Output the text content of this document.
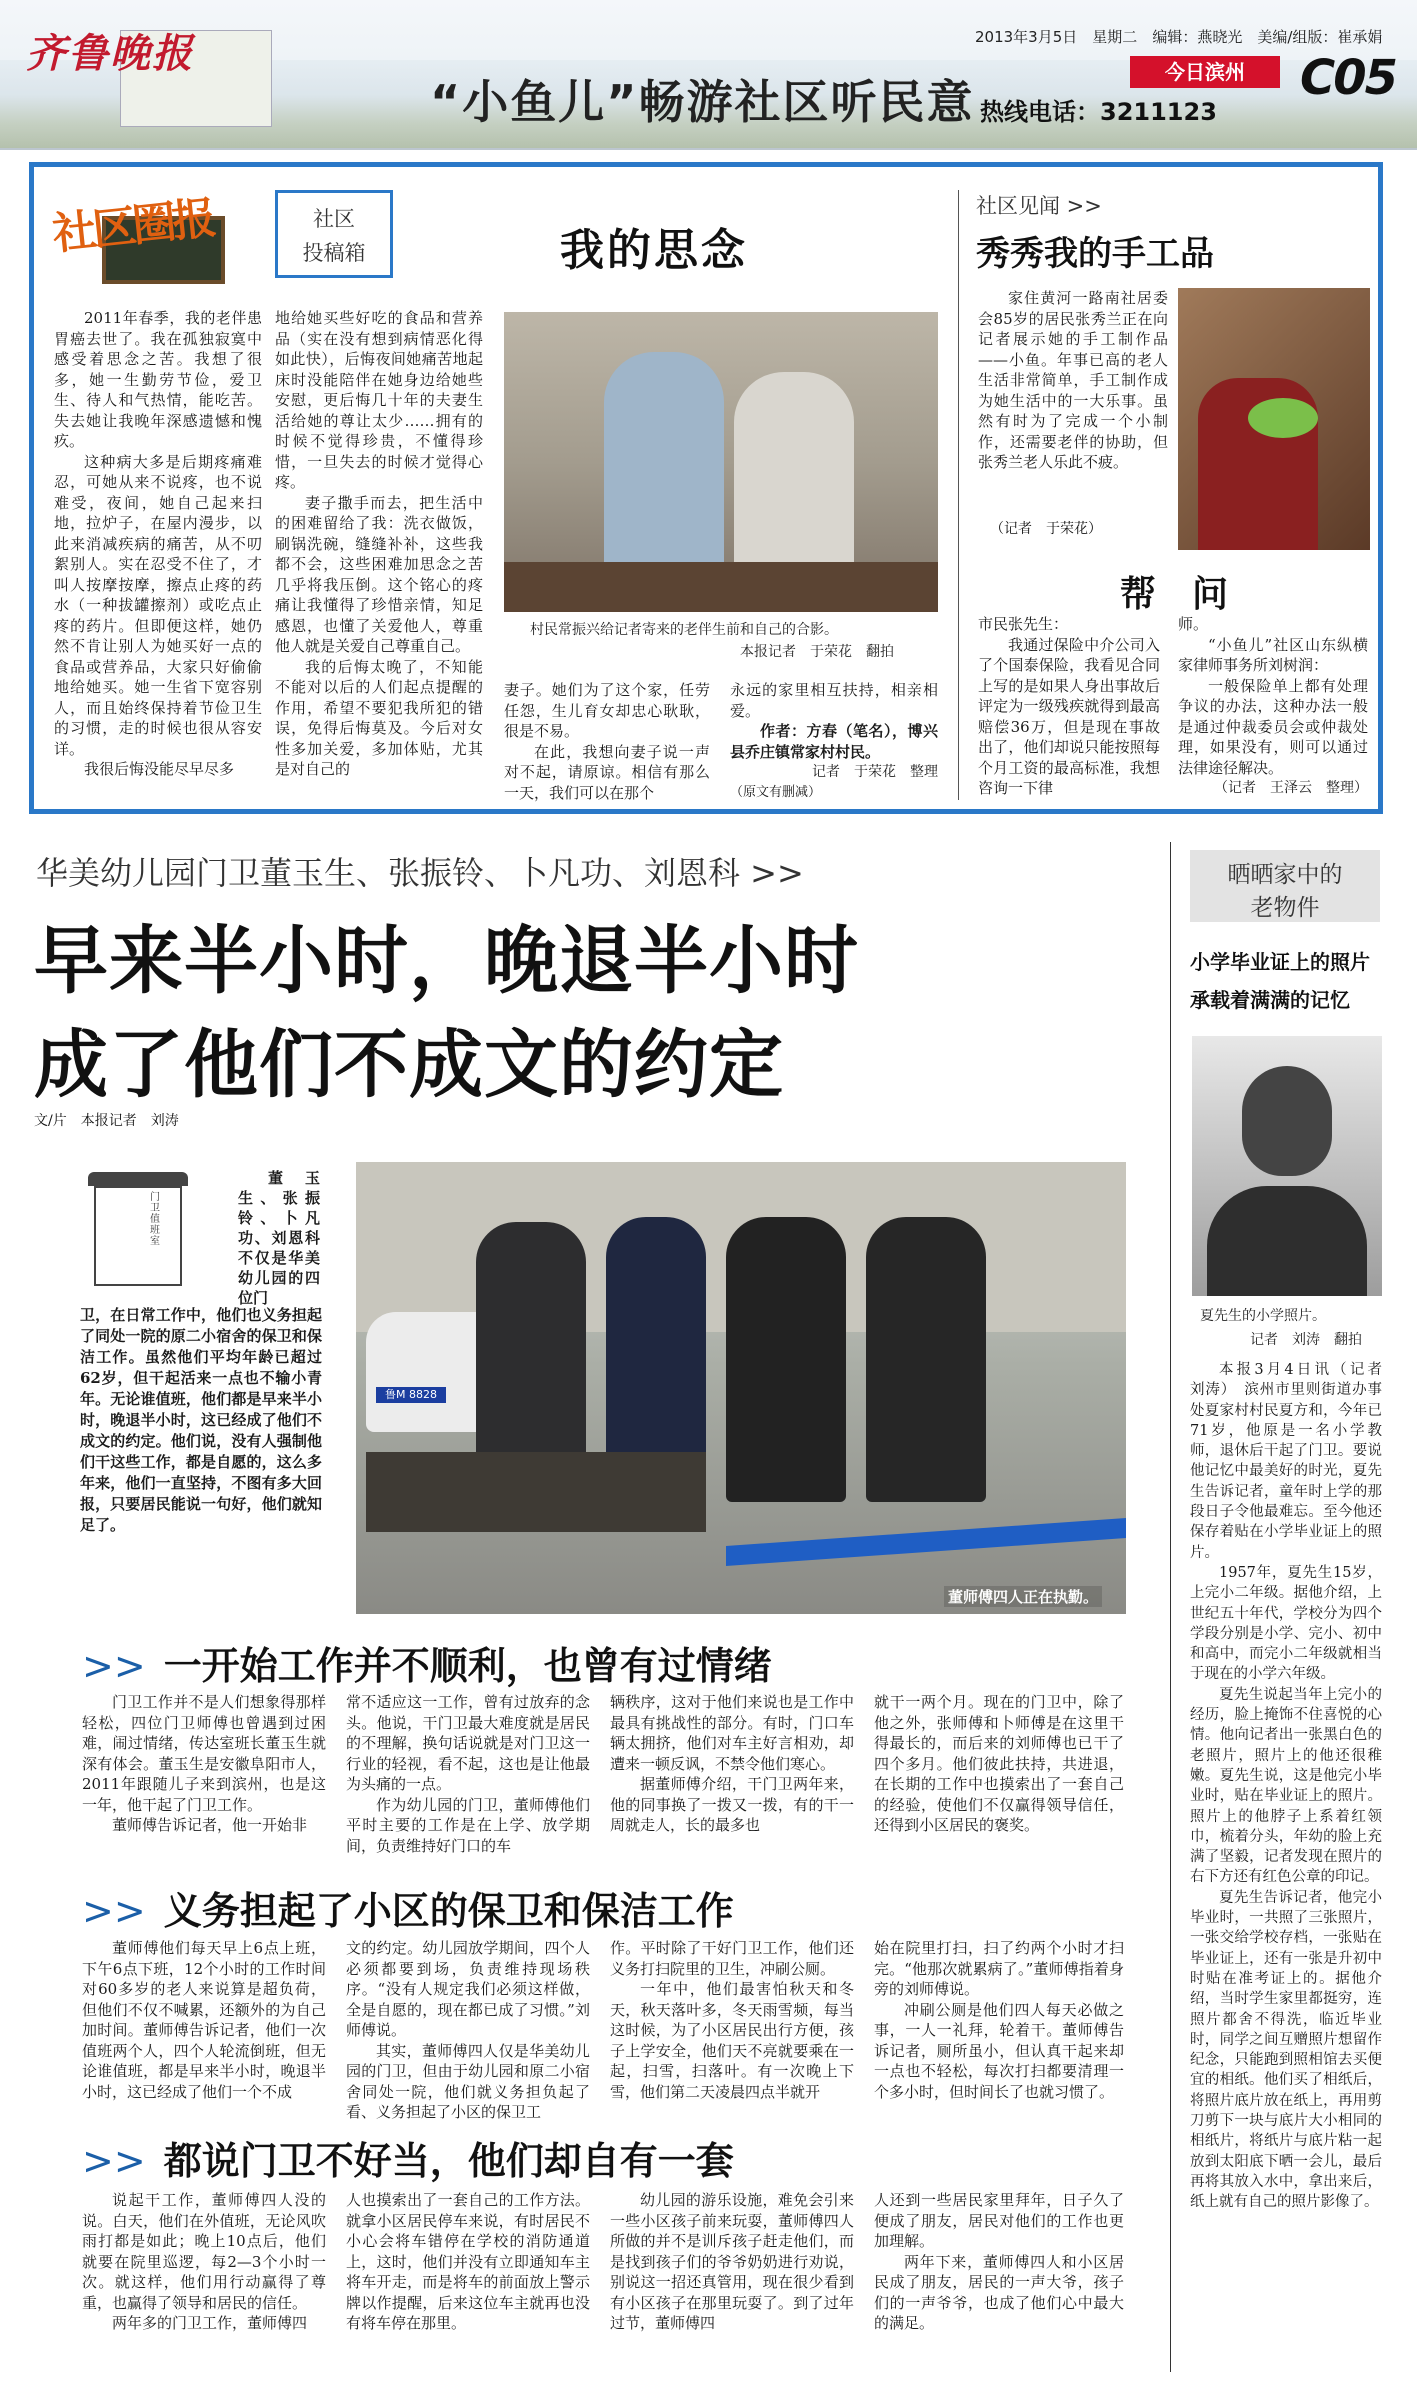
齐鲁晚报	2013年3月5日　 星期二　 编辑：燕晓光　 美编/组版：崔承娟
“小鱼儿”畅游社区听民意 热线电话：3211123
今日滨州	C05
社区圈报	社区
投稿箱	我的思念

2011年春季，我的老伴患胃癌去世了。我在孤独寂寞中感受着思念之苦。我想了很多，她一生勤劳节俭，爱卫生、待人和气热情，能吃苦。失去她让我晚年深感遗憾和愧疚。

这种病大多是后期疼痛难忍，可她从来不说疼，也不说难受，夜间，她自己起来扫地，拉炉子，在屋内漫步，以此来消减疾病的痛苦，从不叨絮别人。实在忍受不住了，才叫人按摩按摩，擦点止疼的药水（一种拔罐擦剂）或吃点止疼的药片。但即便这样，她仍然不肯让别人为她买好一点的食品或营养品，大家只好偷偷地给她买。她一生省下宽容别人，而且始终保持着节俭卫生的习惯，走的时候也很从容安详。

我很后悔没能尽早尽多

地给她买些好吃的食品和营养品（实在没有想到病情恶化得如此快），后悔夜间她痛苦地起床时没能陪伴在她身边给她些安慰，更后悔几十年的夫妻生活给她的尊让太少……拥有的时候不觉得珍贵，不懂得珍惜，一旦失去的时候才觉得心疼。

妻子撒手而去，把生活中的困难留给了我：洗衣做饭，刷锅洗碗，缝缝补补，这些我都不会，这些困难加思念之苦几乎将我压倒。这个铭心的疼痛让我懂得了珍惜亲情，知足感恩，也懂了关爱他人，尊重他人就是关爱自己尊重自己。

我的后悔太晚了，不知能不能对以后的人们起点提醒的作用，希望不要犯我所犯的错误，免得后悔莫及。今后对女性多加关爱，多加体贴，尤其是对自己的

村民常振兴给记者寄来的老伴生前和自己的合影。
本报记者　于荣花　翻拍

妻子。她们为了这个家，任劳任怨，生儿育女却忠心耿耿，很是不易。

在此，我想向妻子说一声对不起，请原谅。相信有那么一天，我们可以在那个

永远的家里相互扶持，相亲相爱。

作者：方春（笔名），博兴县乔庄镇常家村村民。

记者　于荣花　整理
（原文有删减）
社区见闻 >>
秀秀我的手工品

家住黄河一路南社居委会85岁的居民张秀兰正在向记者展示她的手工制作品——小鱼。年事已高的老人生活非常简单，手工制作成为她生活中的一大乐事。虽然有时为了完成一个小制作，还需要老伴的协助，但张秀兰老人乐此不疲。

（记者　于荣花）
帮　问

市民张先生：

我通过保险中介公司入了个国泰保险，我看见合同上写的是如果人身出事故后评定为一级残疾就得到最高赔偿36万，但是现在事故出了，他们却说只能按照每个月工资的最高标准，我想咨询一下律

师。

“小鱼儿”社区山东纵横家律师事务所刘树润：

一般保险单上都有处理争议的办法，这种办法一般是通过仲裁委员会或仲裁处理，如果没有，则可以通过法律途径解决。

（记者　王泽云　整理）
华美幼儿园门卫董玉生、张振铃、卜凡功、刘恩科 >>
早来半小时，晚退半小时
成了他们不成文的约定
文/片　本报记者　刘涛
门卫值班室

董玉生、张振铃、卜凡功、刘恩科不仅是华美幼儿园的四位门

卫，在日常工作中，他们也义务担起了同处一院的原二小宿舍的保卫和保洁工作。虽然他们平均年龄已超过62岁，但干起活来一点也不输小青年。无论谁值班，他们都是早来半小时，晚退半小时，这已经成了他们不成文的约定。他们说，没有人强制他们干这些工作，都是自愿的，这么多年来，他们一直坚持，不图有多大回报，只要居民能说一句好，他们就知足了。

鲁M 8828
董师傅四人正在执勤。
>> 一开始工作并不顺利，也曾有过情绪

门卫工作并不是人们想象得那样轻松，四位门卫师傅也曾遇到过困难，闹过情绪，传达室班长董玉生就深有体会。董玉生是安徽阜阳市人，2011年跟随儿子来到滨州，也是这一年，他干起了门卫工作。

董师傅告诉记者，他一开始非

常不适应这一工作，曾有过放弃的念头。他说，干门卫最大难度就是居民的不理解，换句话说就是对门卫这一行业的轻视，看不起，这也是让他最为头痛的一点。

作为幼儿园的门卫，董师傅他们平时主要的工作是在上学、放学期间，负责维持好门口的车

辆秩序，这对于他们来说也是工作中最具有挑战性的部分。有时，门口车辆太拥挤，他们对车主好言相劝，却遭来一顿反讽，不禁令他们寒心。

据董师傅介绍，干门卫两年来，他的同事换了一拨又一拨，有的干一周就走人，长的最多也

就干一两个月。现在的门卫中，除了他之外，张师傅和卜师傅是在这里干得最长的，而后来的刘师傅也已干了四个多月。他们彼此扶持，共进退，在长期的工作中也摸索出了一套自己的经验，使他们不仅赢得领导信任，还得到小区居民的褒奖。

>> 义务担起了小区的保卫和保洁工作

董师傅他们每天早上6点上班，下午6点下班，12个小时的工作时间对60多岁的老人来说算是超负荷，但他们不仅不喊累，还额外的为自己加时间。董师傅告诉记者，他们一次值班两个人，四个人轮流倒班，但无论谁值班，都是早来半小时，晚退半小时，这已经成了他们一个不成

文的约定。幼儿园放学期间，四个人必须都要到场，负责维持现场秩序。“没有人规定我们必须这样做，全是自愿的，现在都已成了习惯。”刘师傅说。

其实，董师傅四人仅是华美幼儿园的门卫，但由于幼儿园和原二小宿舍同处一院，他们就义务担负起了看、义务担起了小区的保卫工

作。平时除了干好门卫工作，他们还义务打扫院里的卫生，冲刷公厕。

一年中，他们最害怕秋天和冬天，秋天落叶多，冬天雨雪频，每当这时候，为了小区居民出行方便，孩子上学安全，他们天不亮就要乘在一起，扫雪，扫落叶。有一次晚上下雪，他们第二天凌晨四点半就开

始在院里打扫，扫了约两个小时才扫完。“他那次就累病了。”董师傅指着身旁的刘师傅说。

冲刷公厕是他们四人每天必做之事，一人一礼拜，轮着干。董师傅告诉记者，厕所虽小，但认真干起来却一点也不轻松，每次打扫都要清理一个多小时，但时间长了也就习惯了。

>> 都说门卫不好当，他们却自有一套

说起干工作，董师傅四人没的说。白天，他们在外值班，无论风吹雨打都是如此；晚上10点后，他们就要在院里巡逻，每2—3个小时一次。就这样，他们用行动赢得了尊重，也赢得了领导和居民的信任。

两年多的门卫工作，董师傅四

人也摸索出了一套自己的工作方法。就拿小区居民停车来说，有时居民不小心会将车错停在学校的消防通道上，这时，他们并没有立即通知车主将车开走，而是将车的前面放上警示牌以作提醒，后来这位车主就再也没有将车停在那里。

幼儿园的游乐设施，难免会引来一些小区孩子前来玩耍，董师傅四人所做的并不是训斥孩子赶走他们，而是找到孩子们的爷爷奶奶进行劝说，别说这一招还真管用，现在很少看到有小区孩子在那里玩耍了。到了过年过节，董师傅四

人还到一些居民家里拜年，日子久了便成了朋友，居民对他们的工作也更加理解。

两年下来，董师傅四人和小区居民成了朋友，居民的一声大爷，孩子们的一声爷爷，也成了他们心中最大的满足。

晒晒家中的
老物件
小学毕业证上的照片
承载着满满的记忆
夏先生的小学照片。
记者　刘涛　翻拍

本报3月4日讯（记者　刘涛）　滨州市里则街道办事处夏家村村民夏方和，今年已71岁，他原是一名小学教师，退休后干起了门卫。要说他记忆中最美好的时光，夏先生告诉记者，童年时上学的那段日子令他最难忘。至今他还保存着贴在小学毕业证上的照片。

1957年，夏先生15岁，上完小二年级。据他介绍，上世纪五十年代，学校分为四个学段分别是小学、完小、初中和高中，而完小二年级就相当于现在的小学六年级。

夏先生说起当年上完小的经历，脸上掩饰不住喜悦的心情。他向记者出一张黑白色的老照片，照片上的他还很稚嫩。夏先生说，这是他完小毕业时，贴在毕业证上的照片。照片上的他脖子上系着红领巾，梳着分头，年幼的脸上充满了坚毅，记者发现在照片的右下方还有红色公章的印记。

夏先生告诉记者，他完小毕业时，一共照了三张照片，一张交给学校存档，一张贴在毕业证上，还有一张是升初中时贴在准考证上的。据他介绍，当时学生家里都挺穷，连照片都舍不得洗，临近毕业时，同学之间互赠照片想留作纪念，只能跑到照相馆去买便宜的相纸。他们买了相纸后，将照片底片放在纸上，再用剪刀剪下一块与底片大小相同的相纸片，将纸片与底片粘一起放到太阳底下晒一会儿，最后再将其放入水中，拿出来后，纸上就有自己的照片影像了。
